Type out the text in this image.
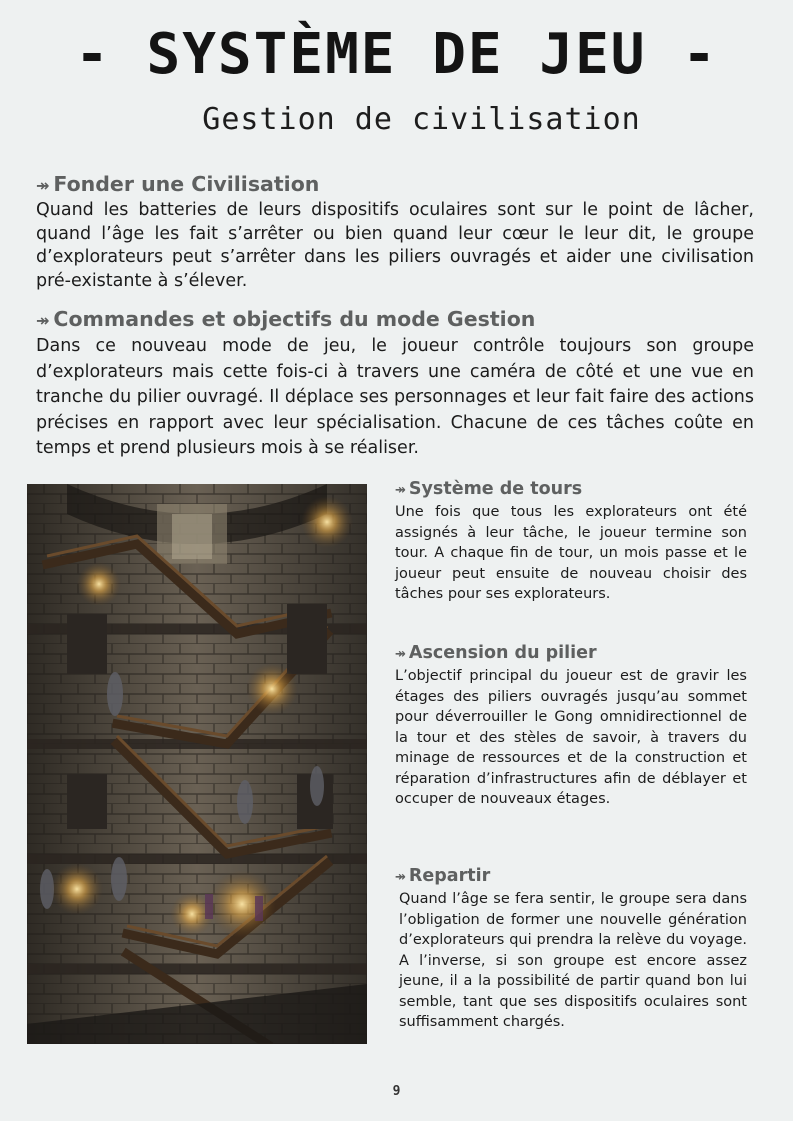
- SYSTÈME DE JEU -
Gestion de civilisation
↠ Fonder une Civilisation
Quand les batteries de leurs dispositifs oculaires sont sur le point de lâcher, quand l’âge les fait s’arrêter ou bien quand leur cœur le leur dit, le groupe d’explorateurs peut s’arrêter dans les piliers ouvragés et aider une civilisation pré-existante à s’élever.
↠ Commandes et objectifs du mode Gestion
Dans ce nouveau mode de jeu, le joueur contrôle toujours son groupe d’explorateurs mais cette fois-ci à travers une caméra de côté et une vue en tranche du pilier ouvragé. Il déplace ses personnages et leur fait faire des actions précises en rapport avec leur spécialisation. Chacune de ces tâches coûte en temps et prend plusieurs mois à se réaliser.
↠ Système de tours
Une fois que tous les explorateurs ont été assignés à leur tâche, le joueur termine son tour. A chaque fin de tour, un mois passe et le joueur peut ensuite de nouveau choisir des tâches pour ses explorateurs.
↠ Ascension du pilier
L’objectif principal du joueur est de gravir les étages des piliers ouvragés jusqu’au sommet pour déverrouiller le Gong omnidirectionnel de la tour et des stèles de savoir, à travers du minage de ressources et de la construction et réparation d’infrastructures afin de déblayer et occuper de nouveaux étages.
↠ Repartir
Quand l’âge se fera sentir, le groupe sera dans l’obligation de former une nouvelle génération d’explorateurs qui prendra la relève du voyage. A l’inverse, si son groupe est encore assez jeune, il a la possibilité de partir quand bon lui semble, tant que ses dispositifs oculaires sont suffisamment chargés.
9
